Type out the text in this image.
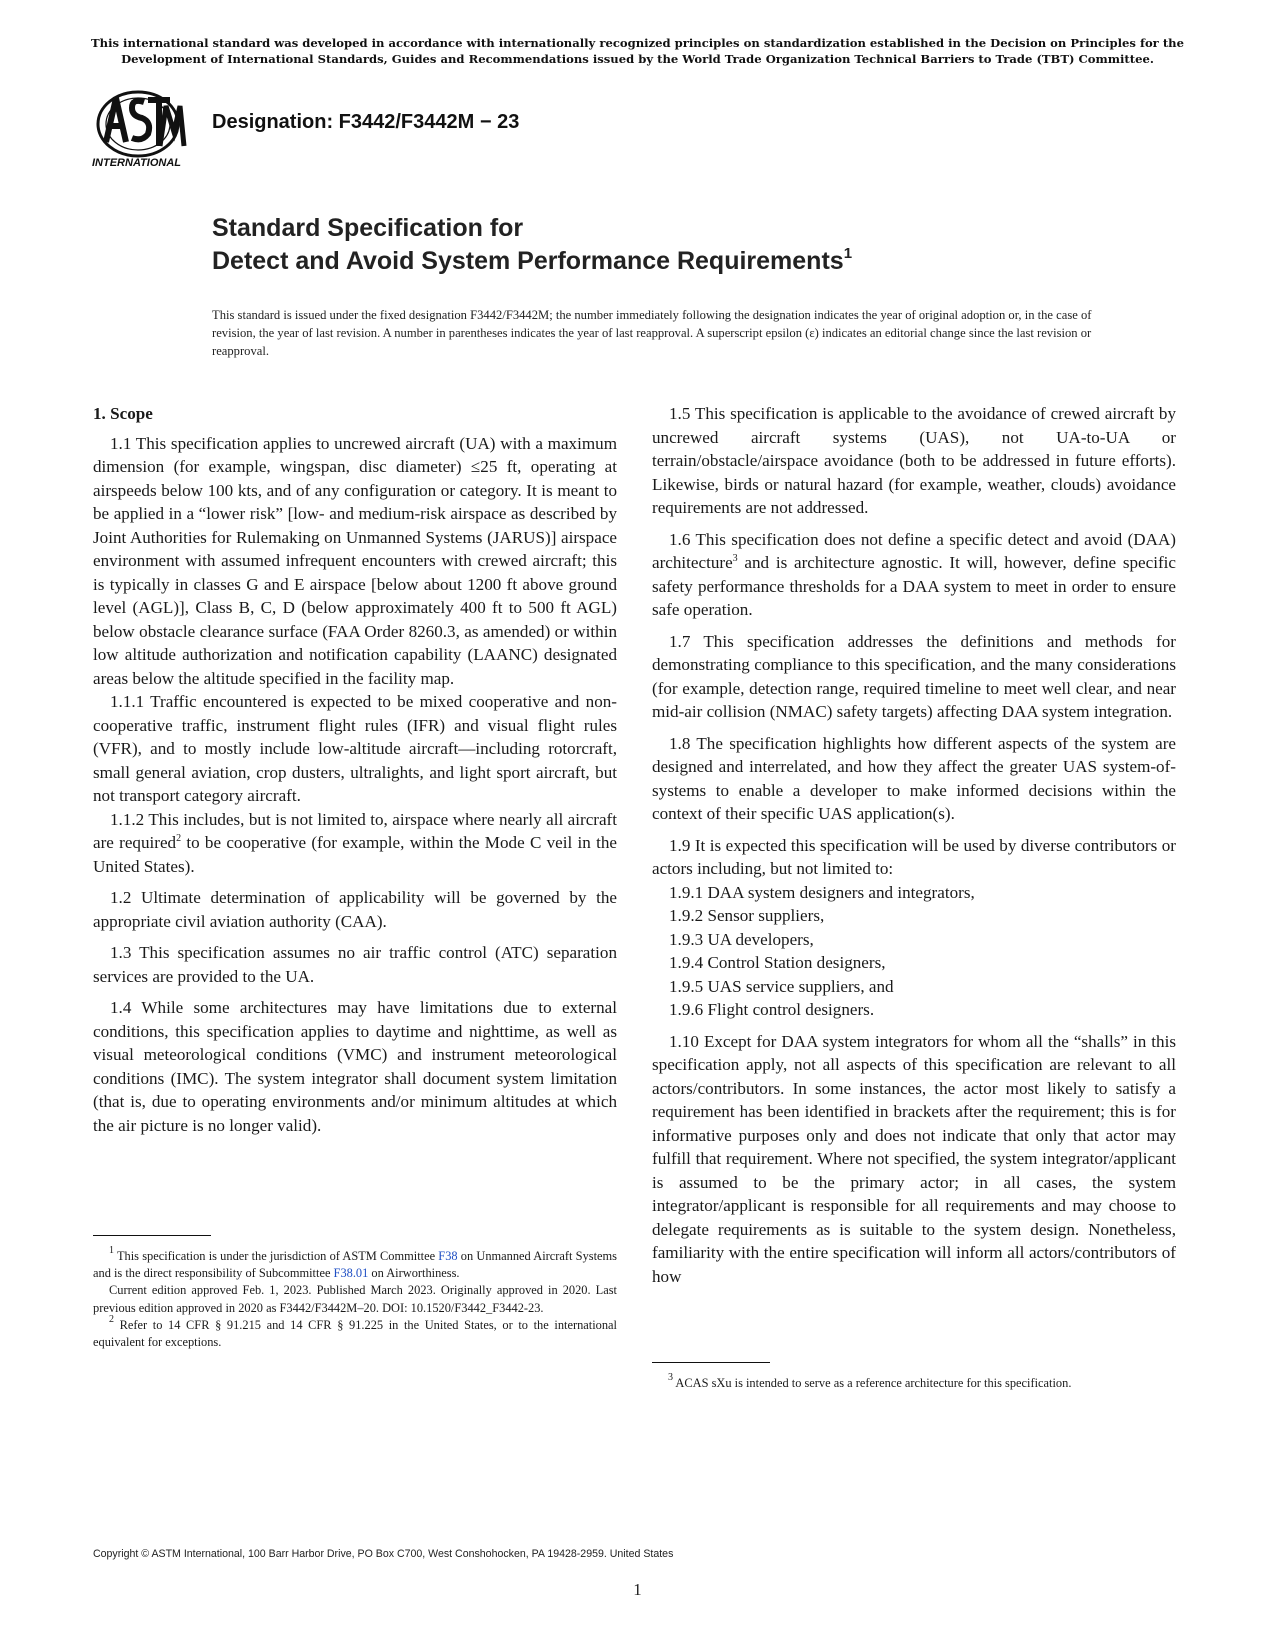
This international standard was developed in accordance with internationally recognized principles on standardization established in the Decision on Principles for the Development of International Standards, Guides and Recommendations issued by the World Trade Organization Technical Barriers to Trade (TBT) Committee.
INTERNATIONAL
Designation: F3442/F3442M − 23
Standard Specification for
Detect and Avoid System Performance Requirements$^1$
This standard is issued under the fixed designation F3442/F3442M; the number immediately following the designation indicates the year of original adoption or, in the case of revision, the year of last revision. A number in parentheses indicates the year of last reapproval. A superscript epsilon (ε) indicates an editorial change since the last revision or reapproval.
1. Scope

1.1 This specification applies to uncrewed aircraft (UA) with a maximum dimension (for example, wingspan, disc diameter) ≤25 ft, operating at airspeeds below 100 kts, and of any configuration or category. It is meant to be applied in a “lower risk” [low- and medium-risk airspace as described by Joint Authorities for Rulemaking on Unmanned Systems (JARUS)] airspace environment with assumed infrequent encounters with crewed aircraft; this is typically in classes G and E airspace [below about 1200 ft above ground level (AGL)], Class B, C, D (below approximately 400 ft to 500 ft AGL) below obstacle clearance surface (FAA Order 8260.3, as amended) or within low altitude authorization and notification capability (LAANC) designated areas below the altitude specified in the facility map.

1.1.1 Traffic encountered is expected to be mixed cooperative and non-cooperative traffic, instrument flight rules (IFR) and visual flight rules (VFR), and to mostly include low-altitude aircraft—including rotorcraft, small general aviation, crop dusters, ultralights, and light sport aircraft, but not transport category aircraft.

1.1.2 This includes, but is not limited to, airspace where nearly all aircraft are required$^2$ to be cooperative (for example, within the Mode C veil in the United States).

1.2 Ultimate determination of applicability will be governed by the appropriate civil aviation authority (CAA).

1.3 This specification assumes no air traffic control (ATC) separation services are provided to the UA.

1.4 While some architectures may have limitations due to external conditions, this specification applies to daytime and nighttime, as well as visual meteorological conditions (VMC) and instrument meteorological conditions (IMC). The system integrator shall document system limitation (that is, due to operating environments and/or minimum altitudes at which the air picture is no longer valid).

$^1$ This specification is under the jurisdiction of ASTM Committee F38 on Unmanned Aircraft Systems and is the direct responsibility of Subcommittee F38.01 on Airworthiness.

Current edition approved Feb. 1, 2023. Published March 2023. Originally approved in 2020. Last previous edition approved in 2020 as F3442/F3442M–20. DOI: 10.1520/F3442_F3442-23.

$^2$ Refer to 14 CFR § 91.215 and 14 CFR § 91.225 in the United States, or to the international equivalent for exceptions.

1.5 This specification is applicable to the avoidance of crewed aircraft by uncrewed aircraft systems (UAS), not UA-to-UA or terrain/obstacle/airspace avoidance (both to be addressed in future efforts). Likewise, birds or natural hazard (for example, weather, clouds) avoidance requirements are not addressed.

1.6 This specification does not define a specific detect and avoid (DAA) architecture$^3$ and is architecture agnostic. It will, however, define specific safety performance thresholds for a DAA system to meet in order to ensure safe operation.

1.7 This specification addresses the definitions and methods for demonstrating compliance to this specification, and the many considerations (for example, detection range, required timeline to meet well clear, and near mid-air collision (NMAC) safety targets) affecting DAA system integration.

1.8 The specification highlights how different aspects of the system are designed and interrelated, and how they affect the greater UAS system-of-systems to enable a developer to make informed decisions within the context of their specific UAS application(s).

1.9 It is expected this specification will be used by diverse contributors or actors including, but not limited to:

1.9.1 DAA system designers and integrators,
1.9.2 Sensor suppliers,
1.9.3 UA developers,
1.9.4 Control Station designers,
1.9.5 UAS service suppliers, and
1.9.6 Flight control designers.

1.10 Except for DAA system integrators for whom all the “shalls” in this specification apply, not all aspects of this specification are relevant to all actors/contributors. In some instances, the actor most likely to satisfy a requirement has been identified in brackets after the requirement; this is for informative purposes only and does not indicate that only that actor may fulfill that requirement. Where not specified, the system integrator/applicant is assumed to be the primary actor; in all cases, the system integrator/applicant is responsible for all requirements and may choose to delegate requirements as is suitable to the system design. Nonetheless, familiarity with the entire specification will inform all actors/contributors of how

$^3$ ACAS sXu is intended to serve as a reference architecture for this specification.

Copyright © ASTM International, 100 Barr Harbor Drive, PO Box C700, West Conshohocken, PA 19428-2959. United States
1
